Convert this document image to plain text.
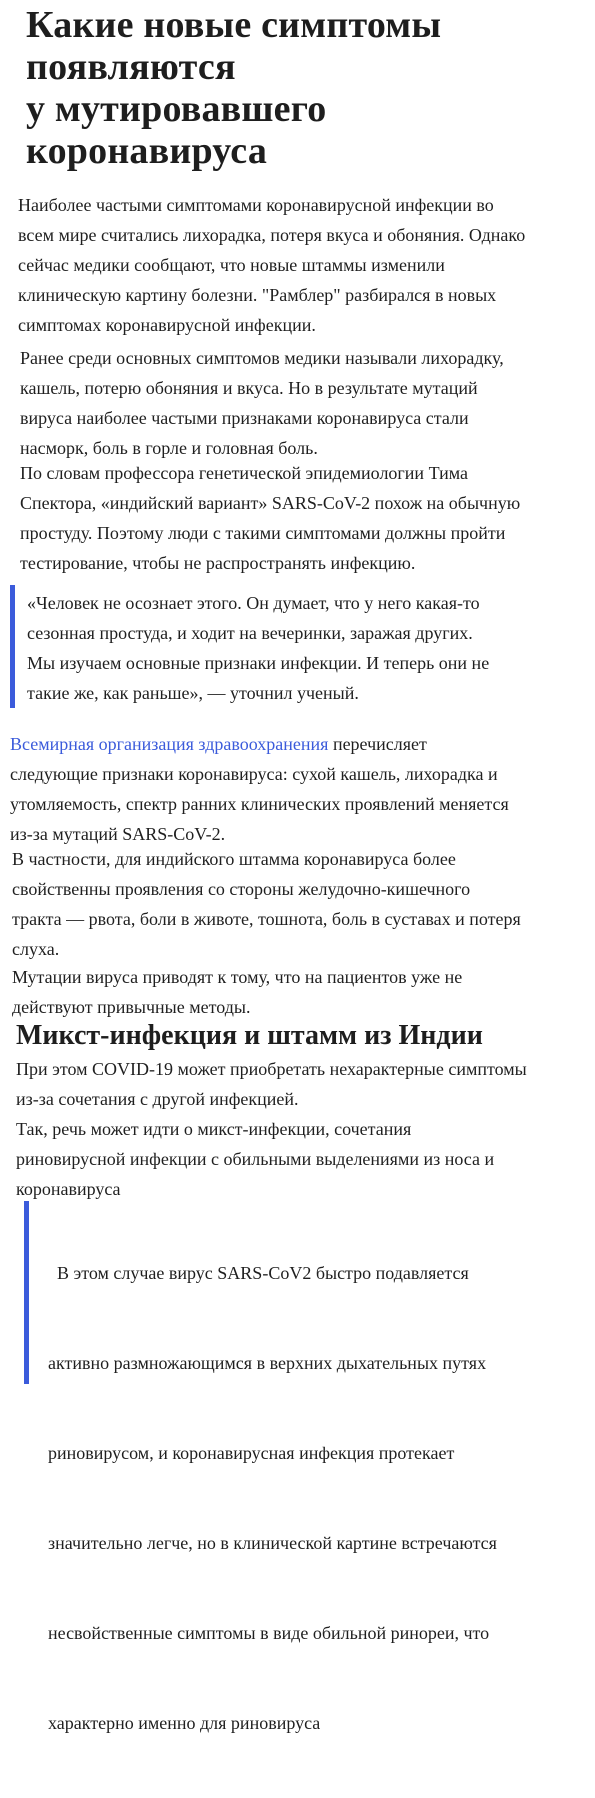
Какие новые симптомы
появляются
у мутировавшего
коронавируса

Наиболее частыми симптомами коронавирусной инфекции во
всем мире считались лихорадка, потеря вкуса и обоняния. Однако
сейчас медики сообщают, что новые штаммы изменили
клиническую картину болезни. "Рамблер" разбирался в новых
симптомах коронавирусной инфекции.

Ранее среди основных симптомов медики называли лихорадку,
кашель, потерю обоняния и вкуса. Но в результате мутаций
вируса наиболее частыми признаками коронавируса стали
насморк, боль в горле и головная боль.

По словам профессора генетической эпидемиологии Тима
Спектора, «индийский вариант» SARS-CoV-2 похож на обычную
простуду. Поэтому люди с такими симптомами должны пройти
тестирование, чтобы не распространять инфекцию.

«Человек не осознает этого. Он думает, что у него какая-то
сезонная простуда, и ходит на вечеринки, заражая других.
Мы изучаем основные признаки инфекции. И теперь они не
такие же, как раньше», — уточнил ученый.

Всемирная организация здравоохранения перечисляет
следующие признаки коронавируса: сухой кашель, лихорадка и
утомляемость, спектр ранних клинических проявлений меняется
из-за мутаций SARS-CoV-2.

В частности, для индийского штамма коронавируса более
свойственны проявления со стороны желудочно-кишечного
тракта — рвота, боли в животе, тошнота, боль в суставах и потеря
слуха.

Мутации вируса приводят к тому, что на пациентов уже не
действуют привычные методы.

Микст-инфекция и штамм из Индии

При этом COVID-19 может приобретать нехарактерные симптомы
из-за сочетания с другой инфекцией.
Так, речь может идти о микст-инфекции, сочетания
риновирусной инфекции с обильными выделениями из носа и
коронавируса

В этом случае вирус SARS-CoV2 быстро подавляется

активно размножающимся в верхних дыхательных путях

риновирусом, и коронавирусная инфекция протекает

значительно легче, но в клинической картине встречаются

несвойственные симптомы в виде обильной ринореи, что

характерно именно для риновируса
